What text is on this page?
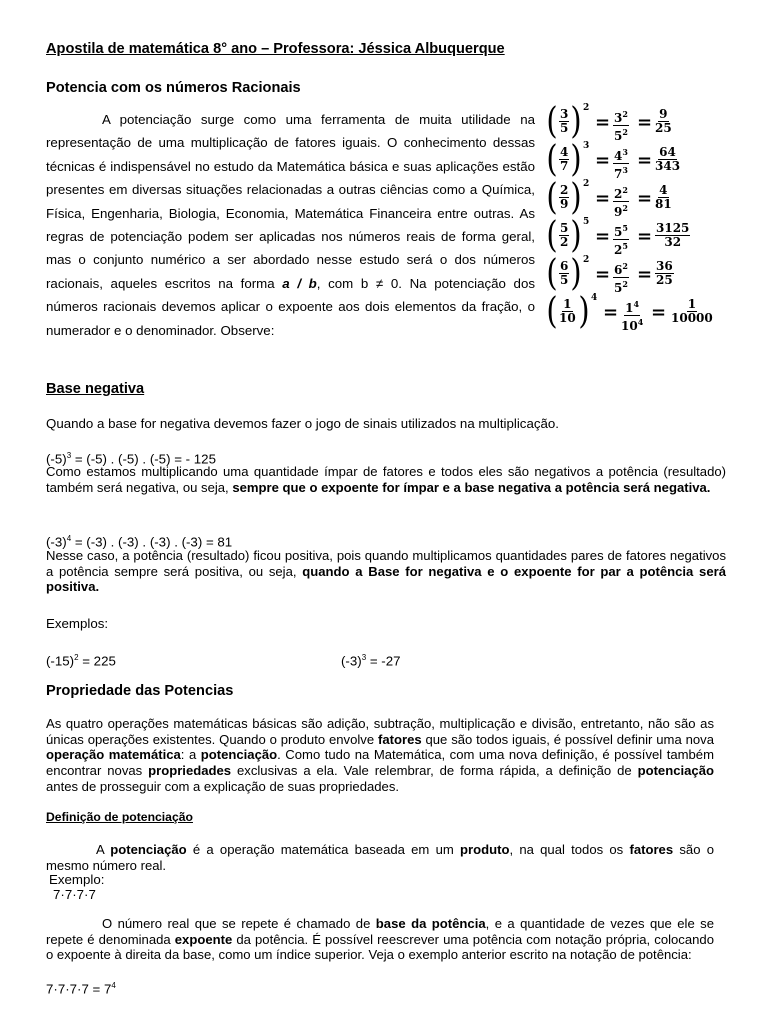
Apostila de matemática 8° ano – Professora: Jéssica Albuquerque
Potencia com os números Racionais

A potenciação surge como uma ferramenta de muita utilidade na representação de uma multiplicação de fatores iguais. O conhecimento dessas técnicas é indispensável no estudo da Matemática básica e suas aplicações estão presentes em diversas situações relacionadas a outras ciências como a Química, Física, Engenharia, Biologia, Economia, Matemática Financeira entre outras. As regras de potenciação podem ser aplicadas nos números reais de forma geral, mas o conjunto numérico a ser abordado nesse estudo será o dos números racionais, aqueles escritos na forma a / b, com b ≠ 0. Na potenciação dos números racionais devemos aplicar o expoente aos dois elementos da fração, o numerador e o denominador. Observe:

( 3
5 ) 2
= $3^2$
$5^2 = 9$
25
( 4
7 ) 3
= $4^3$
$7^3 = 64$
343
( 2
9 ) 2
= $2^2$
$9^2 = 4$
81
( 5
2 ) 5
= $5^5$
$2^5 = 3125$
32
( 6
5 ) 2
= $6^2$
$5^2 = 36$
25
( 1
10 ) 4
= $1^4$
$10^4 = 1$
10000
Base negativa

Quando a base for negativa devemos fazer o jogo de sinais utilizados na multiplicação.

$(-5)^3 = (-5)$ . (-5) . (-5) = - 125

Como estamos multiplicando uma quantidade ímpar de fatores e todos eles são negativos a potência (resultado) também será negativa, ou seja, sempre que o expoente for ímpar e a base negativa a potência será negativa.

$(-3)^4 = (-3)$ . (-3) . (-3) . (-3) = 81

Nesse caso, a potência (resultado) ficou positiva, pois quando multiplicamos quantidades pares de fatores negativos a potência sempre será positiva, ou seja, quando a Base for negativa e o expoente for par a potência será positiva.

Exemplos:

$(-15)^2 = 225$	$(-3)^3 = -27$

Propriedade das Potencias

As quatro operações matemáticas básicas são adição, subtração, multiplicação e divisão, entretanto, não são as únicas operações existentes. Quando o produto envolve fatores que são todos iguais, é possível definir uma nova operação matemática: a potenciação. Como tudo na Matemática, com uma nova definição, é possível também encontrar novas propriedades exclusivas a ela. Vale relembrar, de forma rápida, a definição de potenciação antes de prosseguir com a explicação de suas propriedades.

Definição de potenciação

A potenciação é a operação matemática baseada em um produto, na qual todos os fatores são o mesmo número real.

Exemplo:

7·7·7·7

O número real que se repete é chamado de base da potência, e a quantidade de vezes que ele se repete é denominada expoente da potência. É possível reescrever uma potência com notação própria, colocando o expoente à direita da base, como um índice superior. Veja o exemplo anterior escrito na notação de potência:

$7\cdot 7\cdot 7\cdot 7 = 7^4$
